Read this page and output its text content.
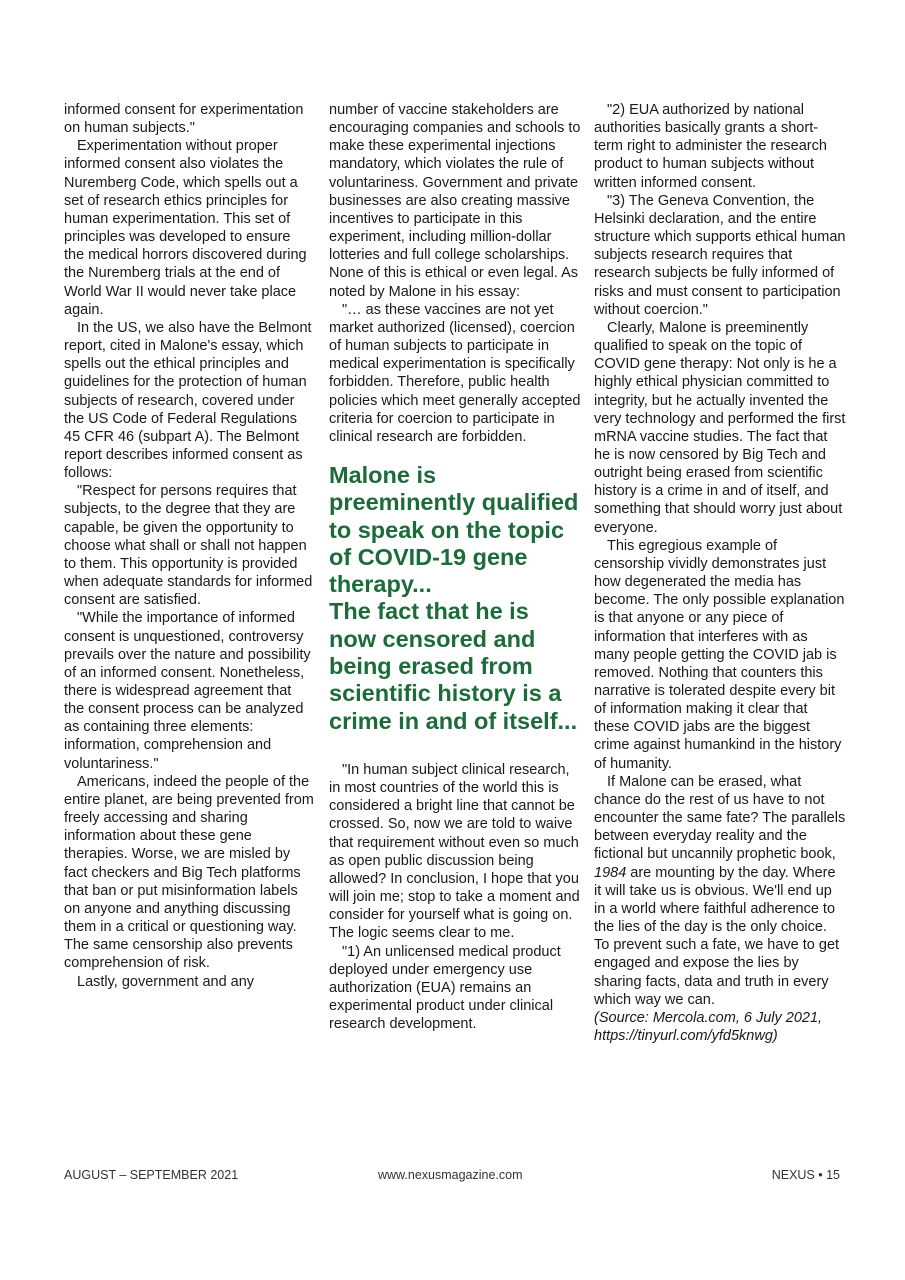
informed consent for experimentation on human subjects."

Experimentation without proper informed consent also violates the Nuremberg Code, which spells out a set of research ethics principles for human experimentation. This set of principles was developed to ensure the medical horrors discovered during the Nuremberg trials at the end of World War II would never take place again.

In the US, we also have the Belmont report, cited in Malone's essay, which spells out the ethical principles and guidelines for the protection of human subjects of research, covered under the US Code of Federal Regulations 45 CFR 46 (subpart A). The Belmont report describes informed consent as follows:

"Respect for persons requires that subjects, to the degree that they are capable, be given the opportunity to choose what shall or shall not happen to them. This opportunity is provided when adequate standards for informed consent are satisfied.

"While the importance of informed consent is unquestioned, controversy prevails over the nature and possibility of an informed consent. Nonetheless, there is widespread agreement that the consent process can be analyzed as containing three elements: information, comprehension and voluntariness."

Americans, indeed the people of the entire planet, are being prevented from freely accessing and sharing information about these gene therapies. Worse, we are misled by fact checkers and Big Tech platforms that ban or put misinformation labels on anyone and anything discussing them in a critical or questioning way. The same censorship also prevents comprehension of risk.

Lastly, government and any

number of vaccine stakeholders are encouraging companies and schools to make these experimental injections mandatory, which violates the rule of voluntariness. Government and private businesses are also creating massive incentives to participate in this experiment, including million-dollar lotteries and full college scholarships. None of this is ethical or even legal. As noted by Malone in his essay:

"… as these vaccines are not yet market authorized (licensed), coercion of human subjects to participate in medical experimentation is specifically forbidden. Therefore, public health policies which meet generally accepted criteria for coercion to participate in clinical research are forbidden.

Malone is preeminently qualified to speak on the topic of COVID-19 gene therapy...
The fact that he is now censored and being erased from scientific history is a crime in and of itself...

"In human subject clinical research, in most countries of the world this is considered a bright line that cannot be crossed. So, now we are told to waive that requirement without even so much as open public discussion being allowed? In conclusion, I hope that you will join me; stop to take a moment and consider for yourself what is going on. The logic seems clear to me.

"1) An unlicensed medical product deployed under emergency use authorization (EUA) remains an experimental product under clinical research development.

"2) EUA authorized by national authorities basically grants a short-term right to administer the research product to human subjects without written informed consent.

"3) The Geneva Convention, the Helsinki declaration, and the entire structure which supports ethical human subjects research requires that research subjects be fully informed of risks and must consent to participation without coercion."

Clearly, Malone is preeminently qualified to speak on the topic of COVID gene therapy: Not only is he a highly ethical physician committed to integrity, but he actually invented the very technology and performed the first mRNA vaccine studies. The fact that he is now censored by Big Tech and outright being erased from scientific history is a crime in and of itself, and something that should worry just about everyone.

This egregious example of censorship vividly demonstrates just how degenerated the media has become. The only possible explanation is that anyone or any piece of information that interferes with as many people getting the COVID jab is removed. Nothing that counters this narrative is tolerated despite every bit of information making it clear that these COVID jabs are the biggest crime against humankind in the history of humanity.

If Malone can be erased, what chance do the rest of us have to not encounter the same fate? The parallels between everyday reality and the fictional but uncannily prophetic book, 1984 are mounting by the day. Where it will take us is obvious. We'll end up in a world where faithful adherence to the lies of the day is the only choice. To prevent such a fate, we have to get engaged and expose the lies by sharing facts, data and truth in every which way we can.

(Source: Mercola.com, 6 July 2021, https://tinyurl.com/yfd5knwg)

AUGUST – SEPTEMBER 2021	www.nexusmagazine.com	NEXUS • 15
